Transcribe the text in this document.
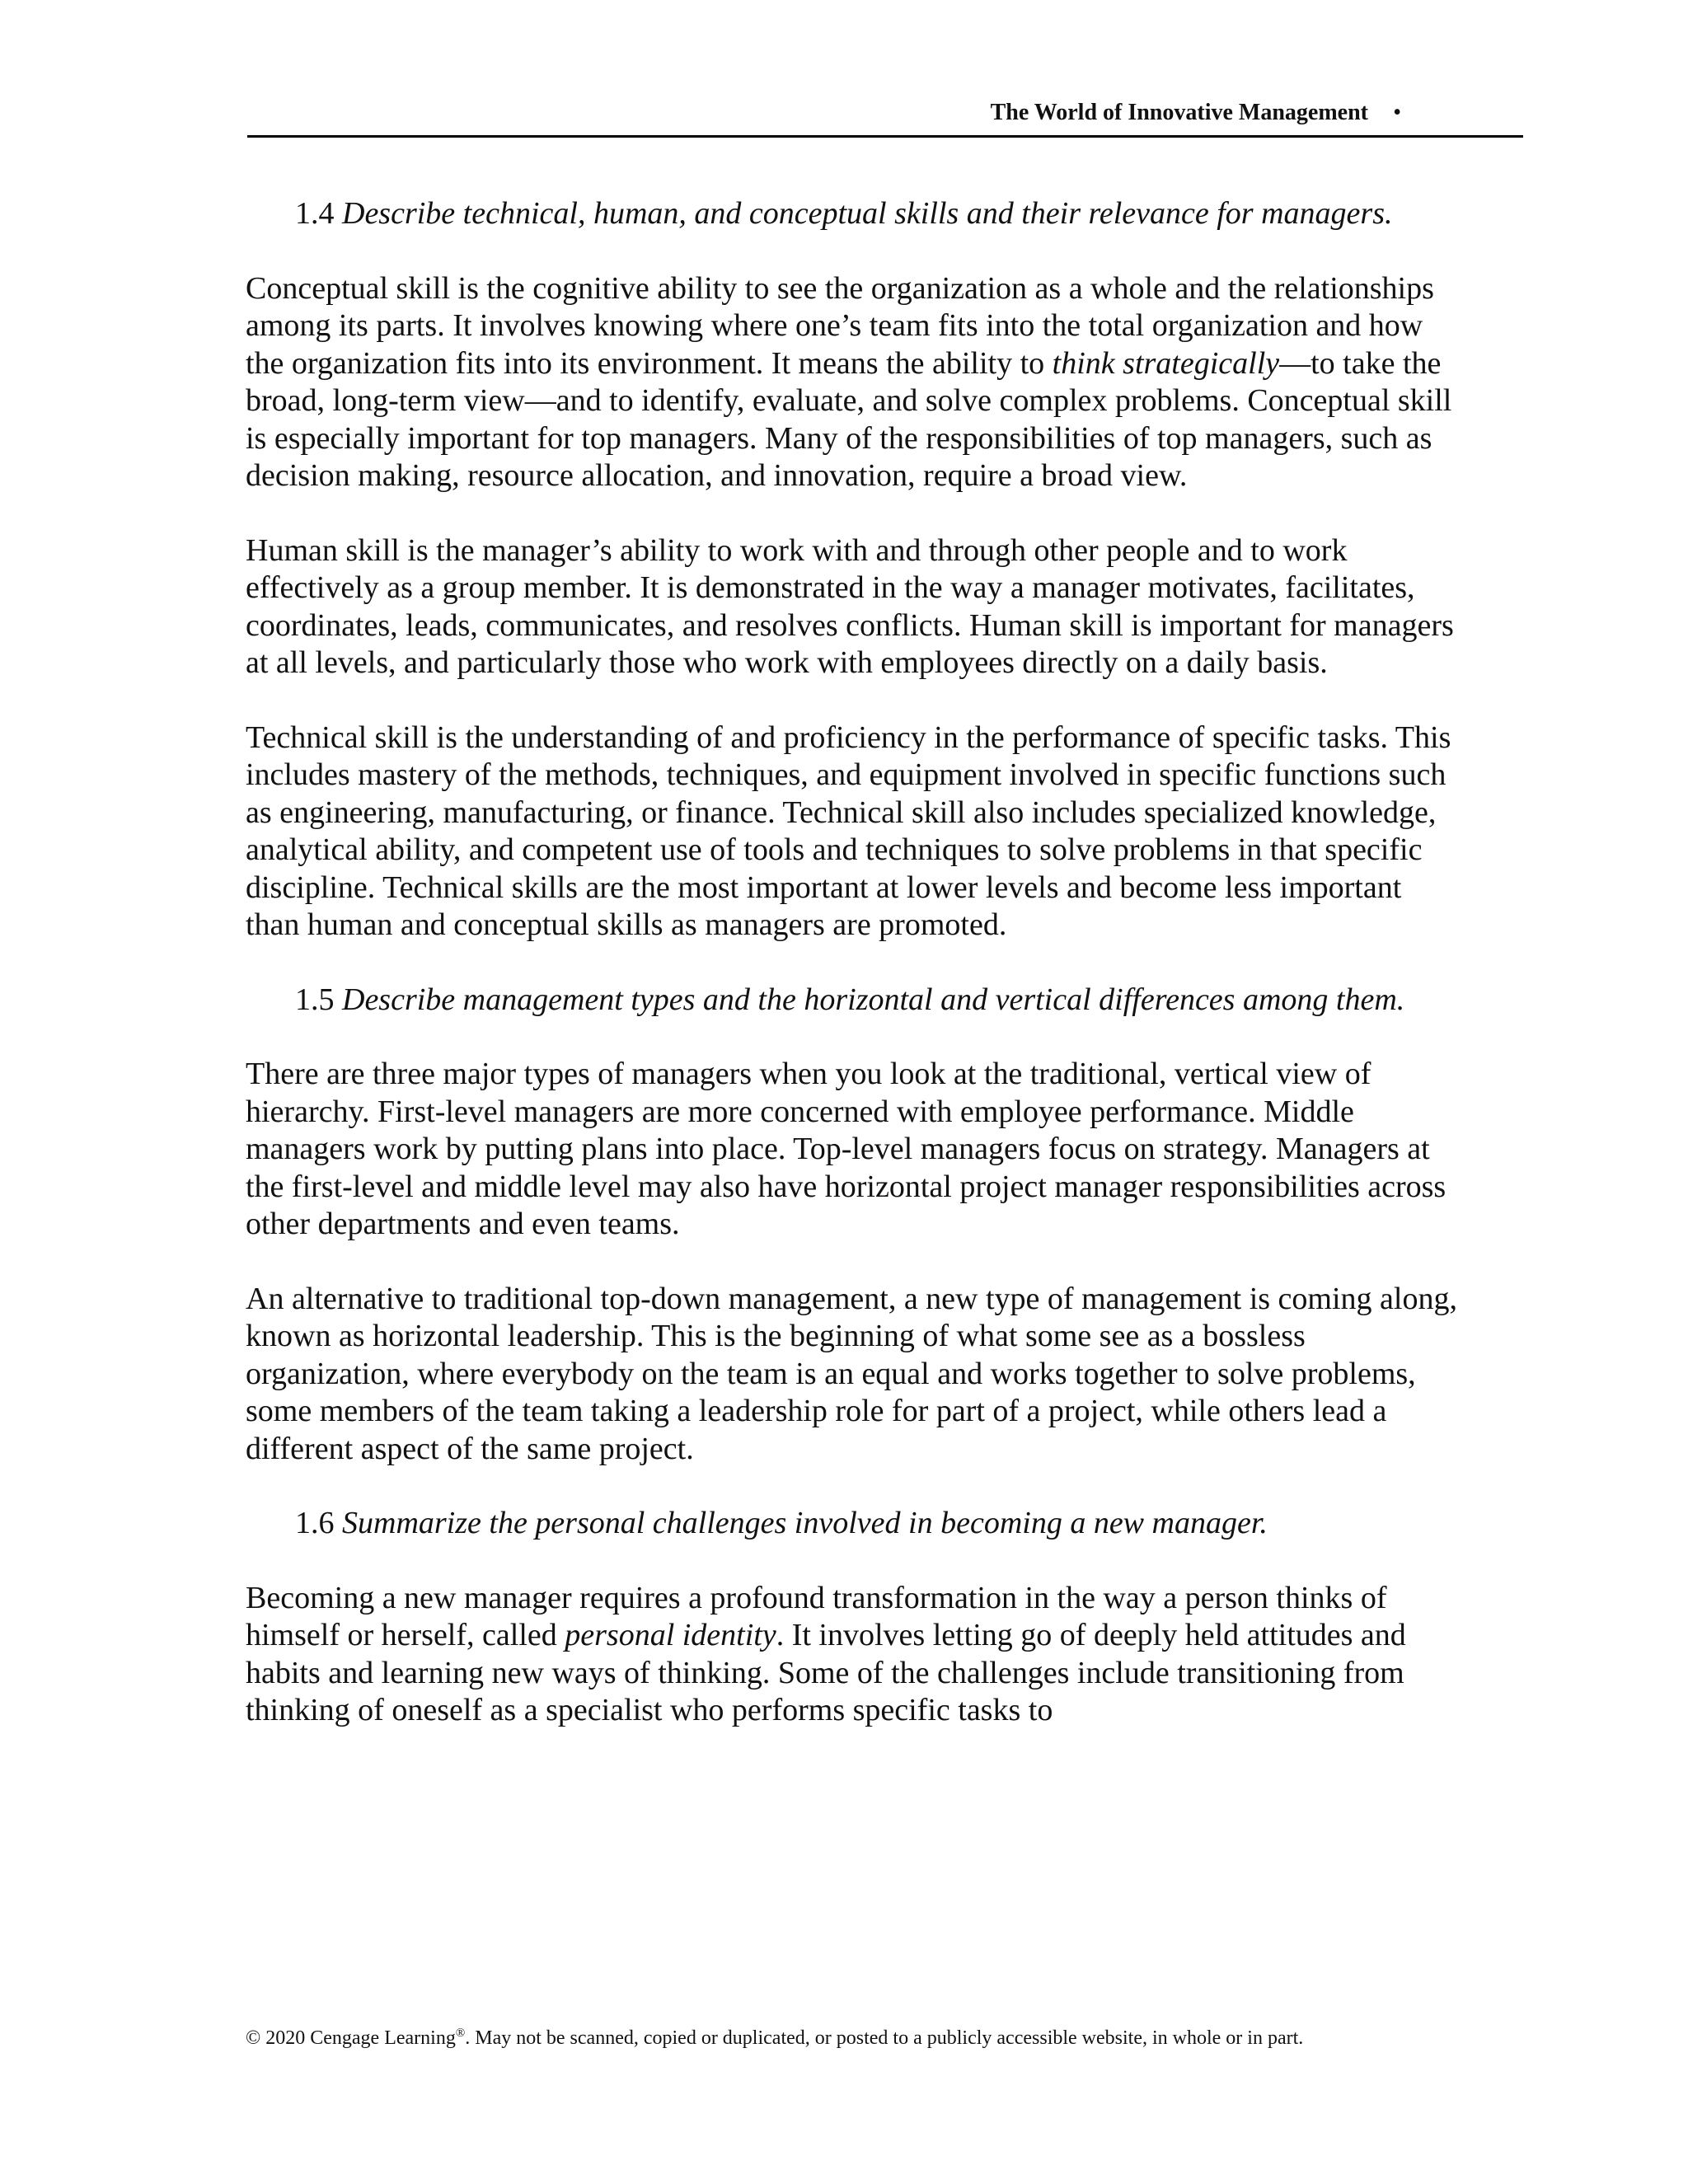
The World of Innovative Management •

1.4 Describe technical, human, and conceptual skills and their relevance for managers.

Conceptual skill is the cognitive ability to see the organization as a whole and the relationships among its parts. It involves knowing where one’s team fits into the total organization and how the organization fits into its environment. It means the ability to think strategically—to take the broad, long-term view—and to identify, evaluate, and solve complex problems. Conceptual skill is especially important for top managers. Many of the responsibilities of top managers, such as decision making, resource allocation, and innovation, require a broad view.

Human skill is the manager’s ability to work with and through other people and to work effectively as a group member. It is demonstrated in the way a manager motivates, facilitates, coordinates, leads, communicates, and resolves conflicts. Human skill is important for managers at all levels, and particularly those who work with employees directly on a daily basis.

Technical skill is the understanding of and proficiency in the performance of specific tasks. This includes mastery of the methods, techniques, and equipment involved in specific functions such as engineering, manufacturing, or finance. Technical skill also includes specialized knowledge, analytical ability, and competent use of tools and techniques to solve problems in that specific discipline. Technical skills are the most important at lower levels and become less important than human and conceptual skills as managers are promoted.

1.5 Describe management types and the horizontal and vertical differences among them.

There are three major types of managers when you look at the traditional, vertical view of hierarchy. First-level managers are more concerned with employee performance. Middle managers work by putting plans into place. Top-level managers focus on strategy. Managers at the first-level and middle level may also have horizontal project manager responsibilities across other departments and even teams.

An alternative to traditional top-down management, a new type of management is coming along, known as horizontal leadership. This is the beginning of what some see as a bossless organization, where everybody on the team is an equal and works together to solve problems, some members of the team taking a leadership role for part of a project, while others lead a different aspect of the same project.

1.6 Summarize the personal challenges involved in becoming a new manager.

Becoming a new manager requires a profound transformation in the way a person thinks of himself or herself, called personal identity. It involves letting go of deeply held attitudes and habits and learning new ways of thinking. Some of the challenges include transitioning from thinking of oneself as a specialist who performs specific tasks to

© 2020 Cengage Learning®. May not be scanned, copied or duplicated, or posted to a publicly accessible website, in whole or in part.
